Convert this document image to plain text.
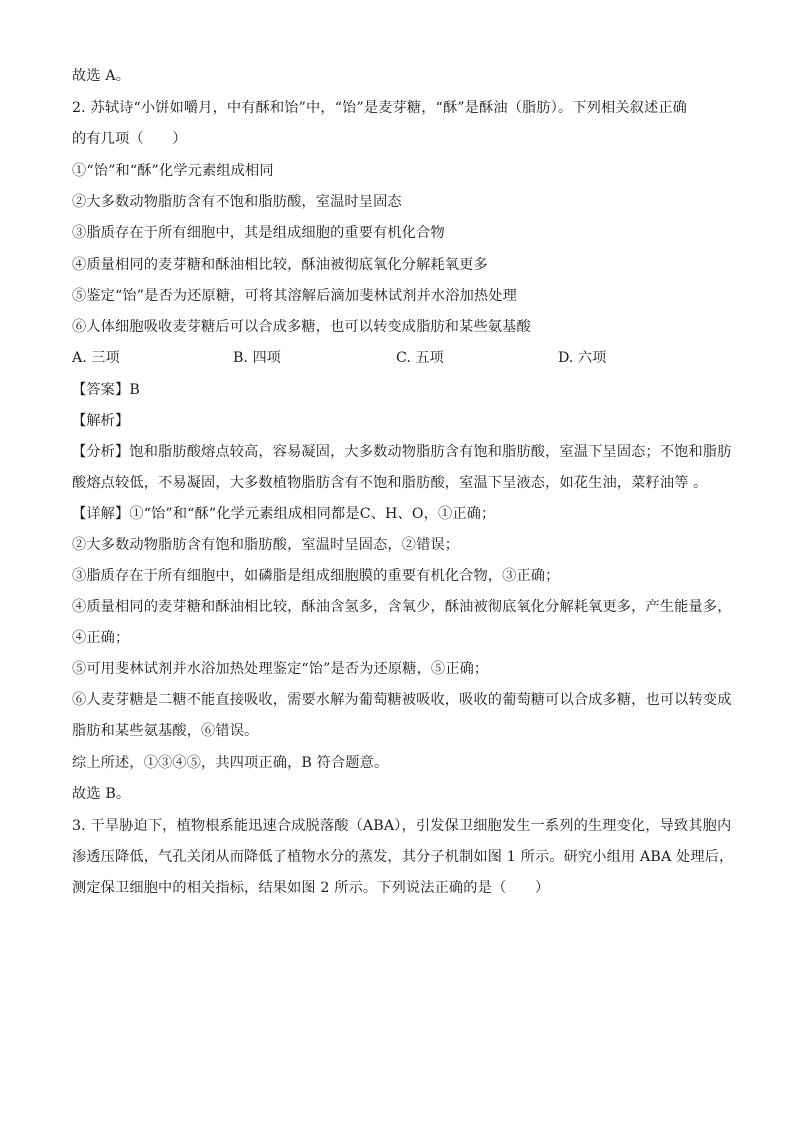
故选 A。
2. 苏轼诗“小饼如嚼月，中有酥和饴”中，“饴”是麦芽糖，“酥”是酥油（脂肪）。下列相关叙述正确
的有几项（　　）
①“饴”和“酥”化学元素组成相同
②大多数动物脂肪含有不饱和脂肪酸，室温时呈固态
③脂质存在于所有细胞中，其是组成细胞的重要有机化合物
④质量相同的麦芽糖和酥油相比较，酥油被彻底氧化分解耗氧更多
⑤鉴定“饴”是否为还原糖，可将其溶解后滴加斐林试剂并水浴加热处理
⑥人体细胞吸收麦芽糖后可以合成多糖，也可以转变成脂肪和某些氨基酸
A. 三项	B. 四项	C. 五项	D. 六项
【答案】B
【解析】
【分析】饱和脂肪酸熔点较高，容易凝固，大多数动物脂肪含有饱和脂肪酸，室温下呈固态；不饱和脂肪
酸熔点较低，不易凝固，大多数植物脂肪含有不饱和脂肪酸，室温下呈液态，如花生油，菜籽油等 。
【详解】①“饴”和“酥”化学元素组成相同都是C、H、O，①正确；
②大多数动物脂肪含有饱和脂肪酸，室温时呈固态，②错误；
③脂质存在于所有细胞中，如磷脂是组成细胞膜的重要有机化合物，③正确；
④质量相同的麦芽糖和酥油相比较，酥油含氢多，含氧少，酥油被彻底氧化分解耗氧更多，产生能量多，
④正确；
⑤可用斐林试剂并水浴加热处理鉴定“饴”是否为还原糖，⑤正确；
⑥人麦芽糖是二糖不能直接吸收，需要水解为葡萄糖被吸收，吸收的葡萄糖可以合成多糖，也可以转变成
脂肪和某些氨基酸，⑥错误。
综上所述，①③④⑤，共四项正确，B 符合题意。
故选 B。
3. 干旱胁迫下，植物根系能迅速合成脱落酸（ABA），引发保卫细胞发生一系列的生理变化，导致其胞内
渗透压降低，气孔关闭从而降低了植物水分的蒸发，其分子机制如图 1 所示。研究小组用 ABA 处理后，
测定保卫细胞中的相关指标，结果如图 2 所示。下列说法正确的是（　　）
